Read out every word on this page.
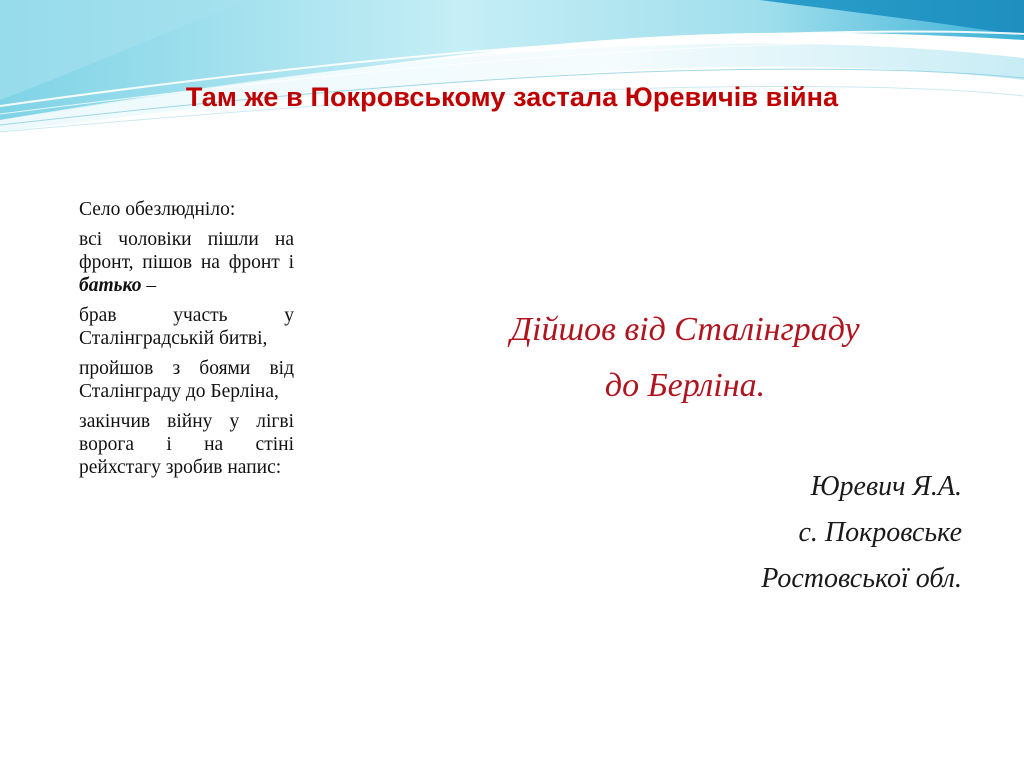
Там же в Покровському застала Юревичів війна

Село обезлюдніло:

всі чоловіки пішли на фронт, пішов на фронт і батько –

брав участь у Сталінградській битві,

пройшов з боями від Сталінграду до Берліна,

закінчив війну у лігві ворога і на стіні рейхстагу зробив напис:

Дійшов від Сталінграду
до Берліна.
Юревич Я.А.
с. Покровське
Ростовської обл.
